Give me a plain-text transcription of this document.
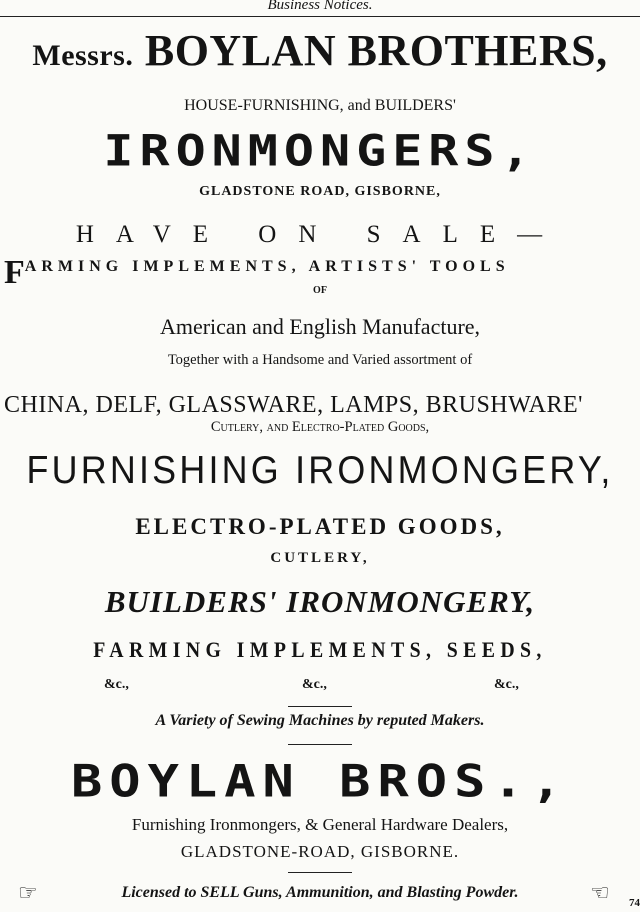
Business Notices.
Messrs. BOYLAN BROTHERS,
HOUSE-FURNISHING, and BUILDERS'
IRONMONGERS,
GLADSTONE ROAD, GISBORNE,
HAVE ON SALE—
FARMING IMPLEMENTS, ARTISTS' TOOLS
OF
American and English Manufacture,
Together with a Handsome and Varied assortment of
CHINA, DELF, GLASSWARE, LAMPS, BRUSHWARE'
Cutlery, and Electro-Plated Goods,
FURNISHING IRONMONGERY,
ELECTRO-PLATED GOODS,
CUTLERY,
BUILDERS' IRONMONGERY,
FARMING IMPLEMENTS, SEEDS,
&c.,	&c.,	&c.,
A Variety of Sewing Machines by reputed Makers.
BOYLAN BROS.,
Furnishing Ironmongers, & General Hardware Dealers,
GLADSTONE-ROAD, GISBORNE.
☞	Licensed to SELL Guns, Ammunition, and Blasting Powder.	☜ 74
